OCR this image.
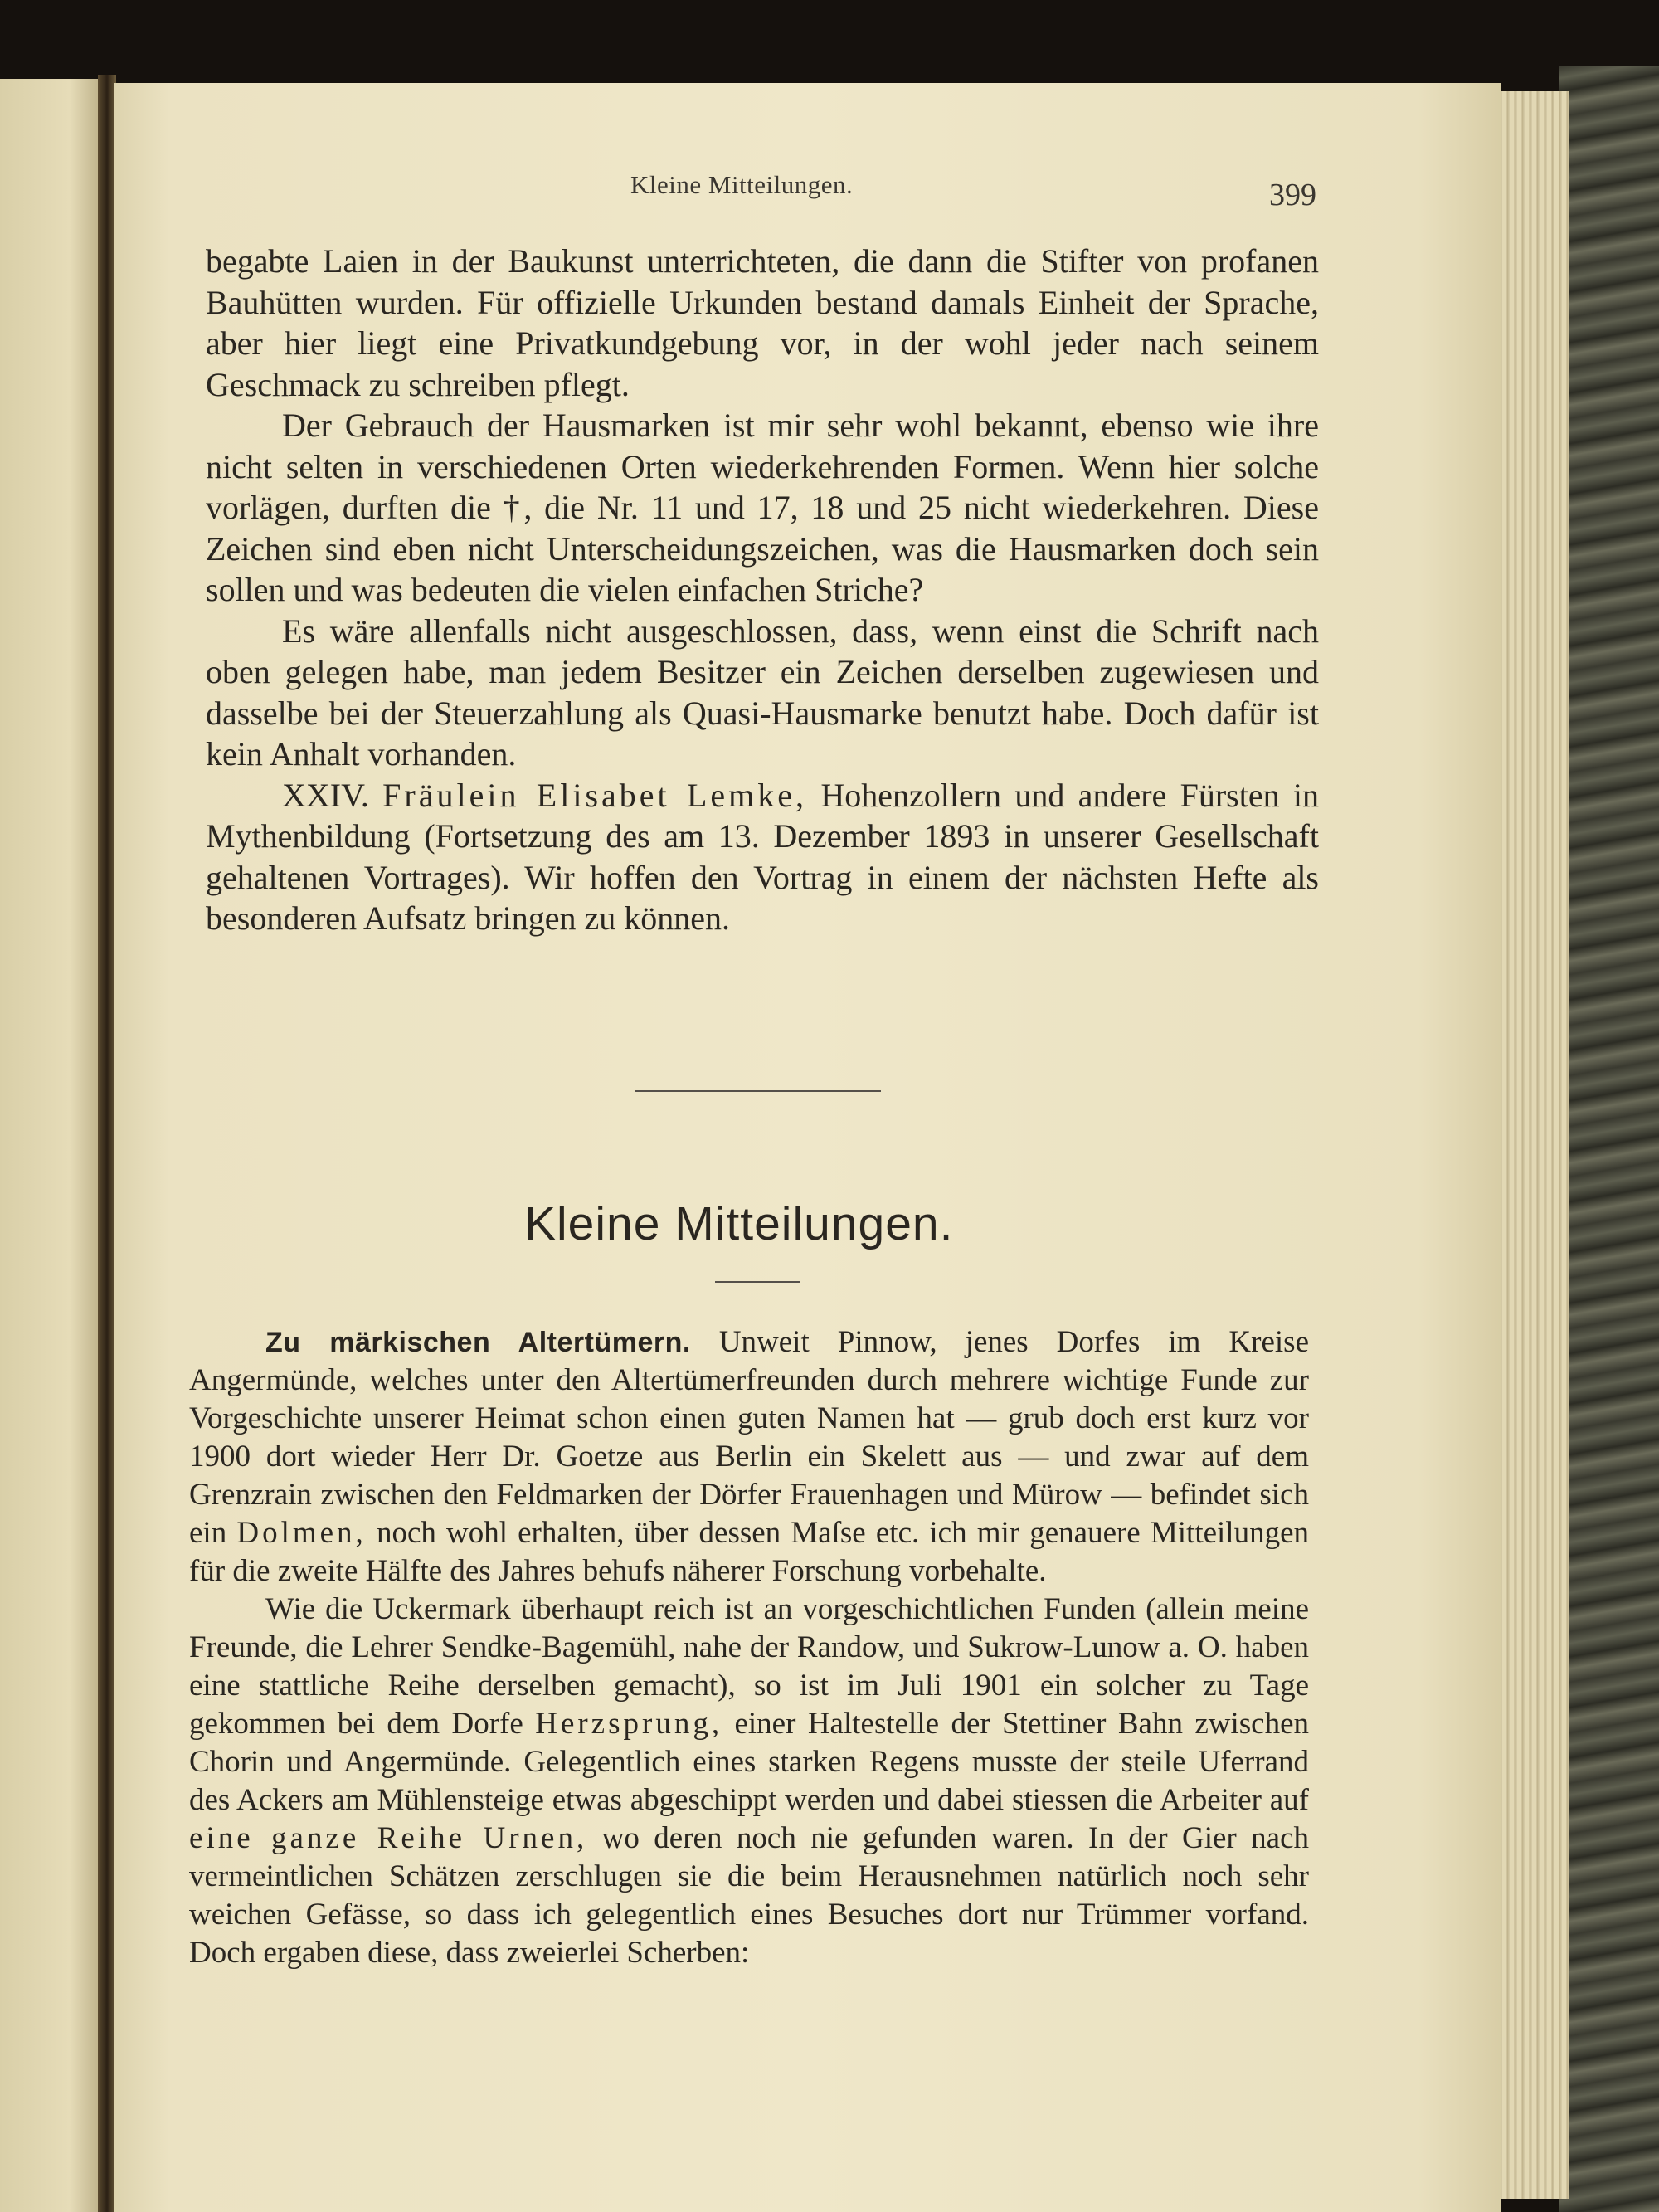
Kleine Mitteilungen.	399

begabte Laien in der Baukunst unterrichteten, die dann die Stifter von profanen Bauhütten wurden. Für offizielle Urkunden bestand damals Einheit der Sprache, aber hier liegt eine Privatkundgebung vor, in der wohl jeder nach seinem Geschmack zu schreiben pflegt.

Der Gebrauch der Hausmarken ist mir sehr wohl bekannt, ebenso wie ihre nicht selten in verschiedenen Orten wiederkehrenden Formen. Wenn hier solche vorlägen, durften die †, die Nr. 11 und 17, 18 und 25 nicht wiederkehren. Diese Zeichen sind eben nicht Unterscheidungszeichen, was die Hausmarken doch sein sollen und was bedeuten die vielen einfachen Striche?

Es wäre allenfalls nicht ausgeschlossen, dass, wenn einst die Schrift nach oben gelegen habe, man jedem Besitzer ein Zeichen derselben zugewiesen und dasselbe bei der Steuerzahlung als Quasi-Hausmarke benutzt habe. Doch dafür ist kein Anhalt vorhanden.

XXIV. Fräulein Elisabet Lemke, Hohenzollern und andere Fürsten in Mythenbildung (Fortsetzung des am 13. Dezember 1893 in unserer Gesellschaft gehaltenen Vortrages). Wir hoffen den Vortrag in einem der nächsten Hefte als besonderen Aufsatz bringen zu können.

Kleine Mitteilungen.

Zu märkischen Altertümern. Unweit Pinnow, jenes Dorfes im Kreise Angermünde, welches unter den Altertümerfreunden durch mehrere wichtige Funde zur Vorgeschichte unserer Heimat schon einen guten Namen hat — grub doch erst kurz vor 1900 dort wieder Herr Dr. Goetze aus Berlin ein Skelett aus — und zwar auf dem Grenzrain zwischen den Feldmarken der Dörfer Frauenhagen und Mürow — befindet sich ein Dolmen, noch wohl erhalten, über dessen Maſse etc. ich mir genauere Mitteilungen für die zweite Hälfte des Jahres behufs näherer Forschung vorbehalte.

Wie die Uckermark überhaupt reich ist an vorgeschichtlichen Funden (allein meine Freunde, die Lehrer Sendke-Bagemühl, nahe der Randow, und Sukrow-Lunow a. O. haben eine stattliche Reihe derselben gemacht), so ist im Juli 1901 ein solcher zu Tage gekommen bei dem Dorfe Herzsprung, einer Haltestelle der Stettiner Bahn zwischen Chorin und Angermünde. Gelegentlich eines starken Regens musste der steile Uferrand des Ackers am Mühlensteige etwas abgeschippt werden und dabei stiessen die Arbeiter auf eine ganze Reihe Urnen, wo deren noch nie gefunden waren. In der Gier nach vermeintlichen Schätzen zerschlugen sie die beim Herausnehmen natürlich noch sehr weichen Gefässe, so dass ich gelegentlich eines Besuches dort nur Trümmer vorfand. Doch ergaben diese, dass zweierlei Scherben:
